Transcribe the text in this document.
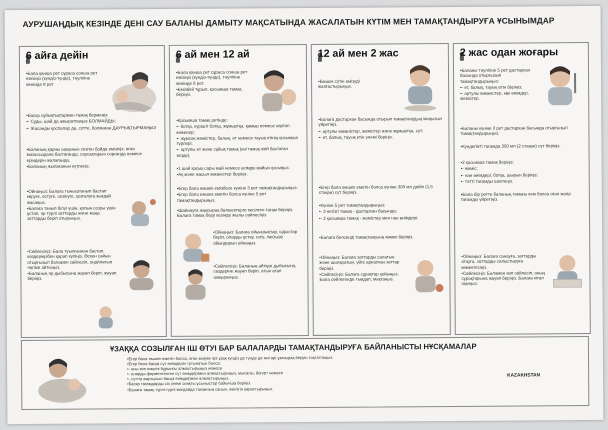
АУРУШАҢДЫҚ КЕЗІНДЕ ДЕНІ САУ БАЛАНЫ ДАМЫТУ МАҚСАТЫНДА ЖАСАЛАТЫН КҮТІМ МЕН ТАМАҚТАНДЫРУҒА ҰСЫНЫМДАР
6 айға дейін

• Бала қанша рет сұраса сонша рет емізіңіз (күндіз-түнде), тәулігіне кемінде 8 рет

• Басқа сұйықтықтармен тамақ бермеңіз:

• - Суды, шай да ажыратпаңыз БОЛМАЙДЫ;

• - Жасанды қоспалар да, сүтте, болмаған ДАУРЫҚТЫРМАҢЫЗ

• Баланың қарны ашқанын сезген бойда емізіңіз, яғни мазасыздана бастағанда, саусақтарын сорғанда немесе еріндерін жалағанда.

• Баланың жылағанын күтпеңіз.

• Ойнаңыз: Балаға тыныштанып бастап көруге, естуге, сезінуге, қозғалуға жағдай жасаңыз.

• Балаға танып білуі үшін, қолын созуы үшін ұстап, әр түрлі заттарды және жаңа заттарды беріп отырыңыз.

• Сөйлесіңіз: Бала туылғаннан бастап, көздеріңізбен қарап күліңіз. Өскен сайын отырғызып баламен сөйлесіп, оңайлатып әңгіме айтыңыз.

• Баланың әр дыбысына жауап беріп, жауап беріңіз.

6 ай мен 12 ай

• Бала қанша рет сұраса сонша рет емізіңіз (күндіз-түнде), тәулігіне кемінде 6 рет.

• Емізбей тұрып, қосымша тамақ беріңіз.

• Қосымша тамақ ретінде:

• - ботқа, күрішті ботқа, жұмыртқа, қамыр немесе картоп көжелер;

• - жұмсақ жемістер, балық, ет немесе тауық етінің қосымша түрлері;

• - артулы ет және сұйық тамақ (өзі тамақ жей бастаған кезде).

• 1 шай қасық сары май немесе өсімдік майын қосыңыз.

• Ақ және жасыл көкөністер беріңіз.

• Егер бала емшек емізбесе күніне 3 рет тамақтандырыңыз.

• Егер бала емшек еметін болса күніне 5 рет тамақтандырыңыз.

• Шайнауға жақсырақ бөлшектерге кесілген тағам беріңіз. Балаға тамақ беру кезінде жылы сөйлесіңіз.

• Ойнаңыз: Балаға ойыншықтар, ыдыстар беріп, оларды ұстау, соғу, лақтыру ойындарын ойнаңыз.

• Сөйлесіңіз: Баланың айтқан дыбысына, сөздеріне жауап беріп, атын атап шақырыңыз.

12 ай мен 2 жас

• Емшек сүтін емізуді жалғастырыңыз.

• Балаға дастархан басында отырып тамақтанудың маңызын үйретіңіз.

• - артулы көкөністер, жемістер және жұмыртқа, сүт;

• - ет, балық, тауық етін үнемі беріңіз.

• Егер бала емшек еметін болса күніне 300 мл дейін (1,5 стақан) сүт беріңіз.

• Күніне 5 рет тамақтандырыңыз:

• - 3 негізгі тамақ - дастархан басында;

• - 2 қосымша тамақ - жемістер мен нан өнімдері.

• Балаға белсенді тамақтануына көмек беріңіз.

• Ойнаңыз: Балаға заттарды салатын және шығаратын, үйге арналған заттар беріңіз.

• Сөйлесіңіз: Балаға сұрақтар қойыңыз. Бала сөйлегенде тыңдап, мақтаңыз.

2 жас одан жоғары

• Баланы тәулігіне 5 рет дастархан басында отырғызып тамақтандырыңыз:

• - ет, балық, тауық етін беріңіз;

• - артулы көкөністер, көк өнімдер, жемістер.

• Баланы күніне 3 рет дастархан басында отырғызып тамақтандырыңыз.

• Күнделікті тағамда 350 мл (2 стақан) сүт беріңіз.

• 2 қосымша тамақ беріңіз:

• - жеміс;

• - нан өнімдері, ботқа, шырын беріңіз;

• - тәтті тағамды шектеңіз.

• Бала бір ретте баланың тамағы кем болса оған жаңа тағамды үйретіңіз.

• Ойнаңыз: Балаға санауға, заттарды атауға, заттарды салыстыруға көмектесіңіз.

• Сөйлесіңіз: Баламен көп сөйлесіп, оның сұрақтарына жауап беріңіз. Балаға кітап оқыңыз.

ҰЗАҚҚА СОЗЫЛҒАН ІШ ӨТУІ БАР БАЛАЛАРДЫ ТАМАҚТАНДЫРУҒА БАЙЛАНЫСТЫ НҰСҚАМАЛАР

• Егер бала емшек еметін болса, оған жиірек әрі ұзақ күндіз де түнде де жиі әрі ұзағырақ беруін тоқтатпаңыз.

• Егер бала басқа сүт өнімдерін тұтынатын болса:

• - оны көп емшек бұрынғы алмастырыңыз немесе

• - оларды ферментелген сүт өнімдерімен алмастырыңыз, мысалы, йогурт немесе

• - сүттің жартысын басқа өнімдермен алмастырыңыз.

• Басқа тағамдарды сіз үнемі сияқты ұсыныстар бойынша беріңіз.

• Балаға тамақ түрлі-түрлі жағдайда тағамның санын, жиілігін қарастырыңыз.

KAZAKHSTAN
